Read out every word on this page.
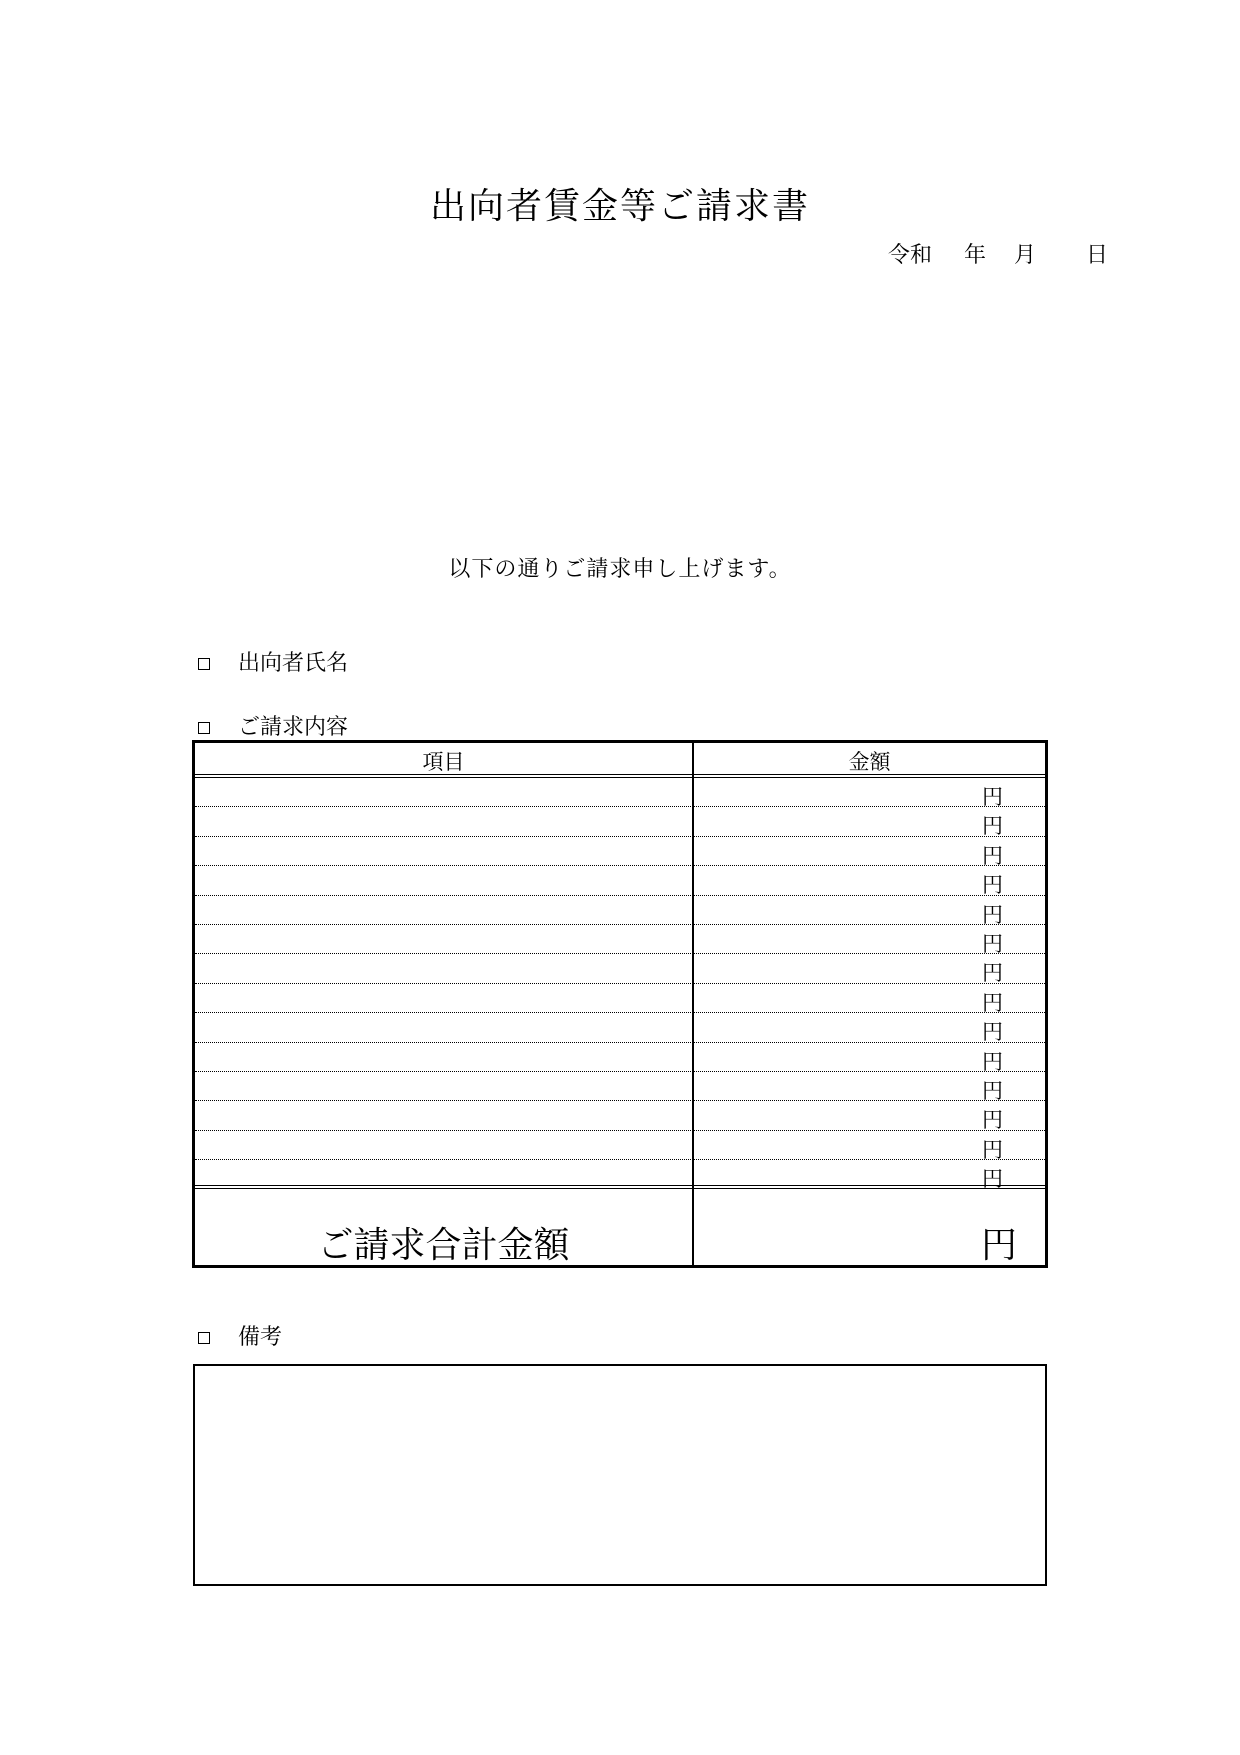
出向者賃金等ご請求書
令和 年 月 日
以下の通りご請求申し上げます。
出向者氏名
ご請求内容
項目	金額
円
円
円
円
円
円
円
円
円
円
円
円
円
円
ご請求合計金額	円
備考
